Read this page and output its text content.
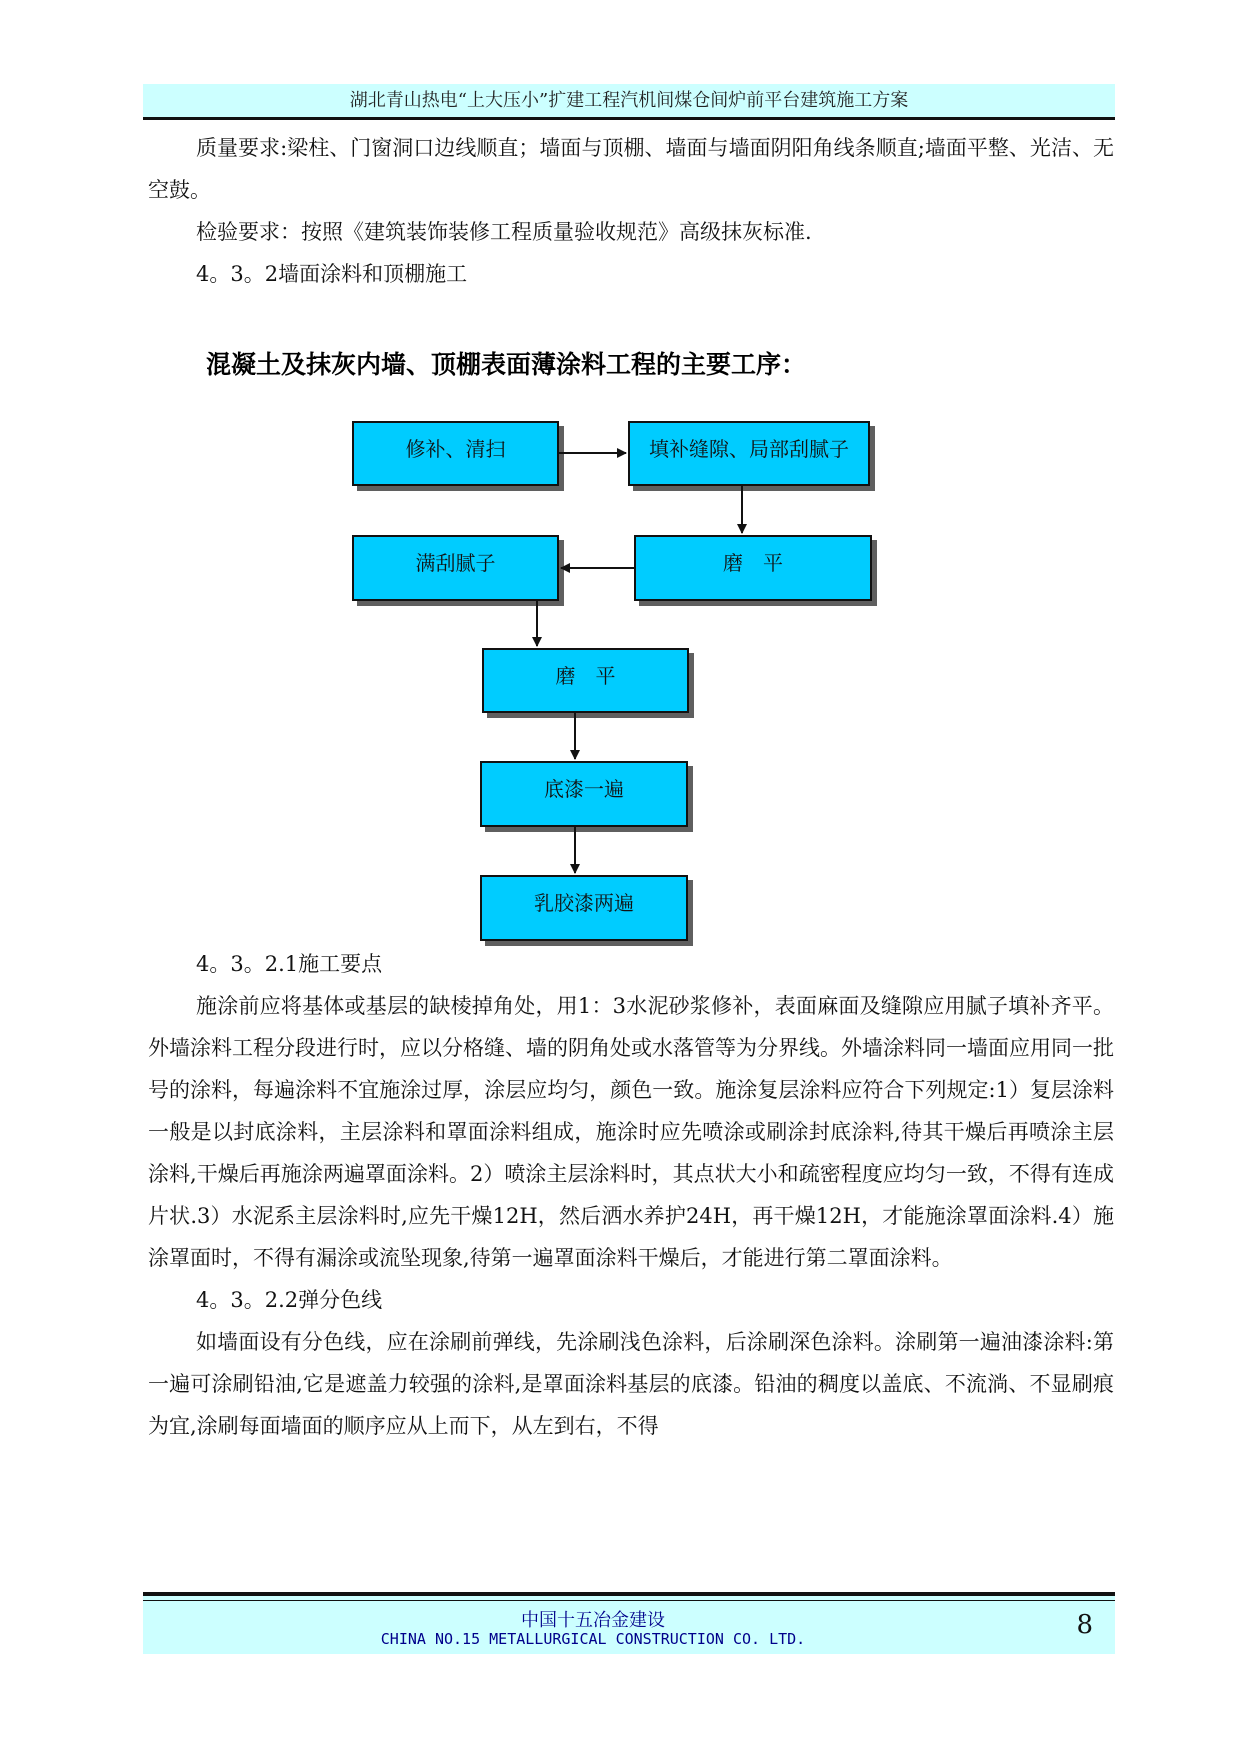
湖北青山热电“上大压小”扩建工程汽机间煤仓间炉前平台建筑施工方案

质量要求:梁柱、门窗洞口边线顺直；墙面与顶棚、墙面与墙面阴阳角线条顺直;墙面平整、光洁、无空鼓。

检验要求：按照《建筑装饰装修工程质量验收规范》高级抹灰标准.

4。3。2墙面涂料和顶棚施工

混凝土及抹灰内墙、顶棚表面薄涂料工程的主要工序：
修补、清扫	填补缝隙、局部刮腻子
磨　平
满刮腻子
磨　平
底漆一遍
乳胶漆两遍

4。3。2.1施工要点

施涂前应将基体或基层的缺棱掉角处，用1：3水泥砂浆修补，表面麻面及缝隙应用腻子填补齐平。外墙涂料工程分段进行时，应以分格缝、墙的阴角处或水落管等为分界线。外墙涂料同一墙面应用同一批号的涂料，每遍涂料不宜施涂过厚，涂层应均匀，颜色一致。施涂复层涂料应符合下列规定:1）复层涂料一般是以封底涂料，主层涂料和罩面涂料组成，施涂时应先喷涂或刷涂封底涂料,待其干燥后再喷涂主层涂料,干燥后再施涂两遍罩面涂料。2）喷涂主层涂料时，其点状大小和疏密程度应均匀一致，不得有连成片状.3）水泥系主层涂料时,应先干燥12H，然后洒水养护24H，再干燥12H，才能施涂罩面涂料.4）施涂罩面时，不得有漏涂或流坠现象,待第一遍罩面涂料干燥后，才能进行第二罩面涂料。

4。3。2.2弹分色线

如墙面设有分色线，应在涂刷前弹线，先涂刷浅色涂料，后涂刷深色涂料。涂刷第一遍油漆涂料:第一遍可涂刷铅油,它是遮盖力较强的涂料,是罩面涂料基层的底漆。铅油的稠度以盖底、不流淌、不显刷痕为宜,涂刷每面墙面的顺序应从上而下，从左到右，不得

中国十五冶金建设
CHINA NO.15 METALLURGICAL CONSTRUCTION CO. LTD.	8
